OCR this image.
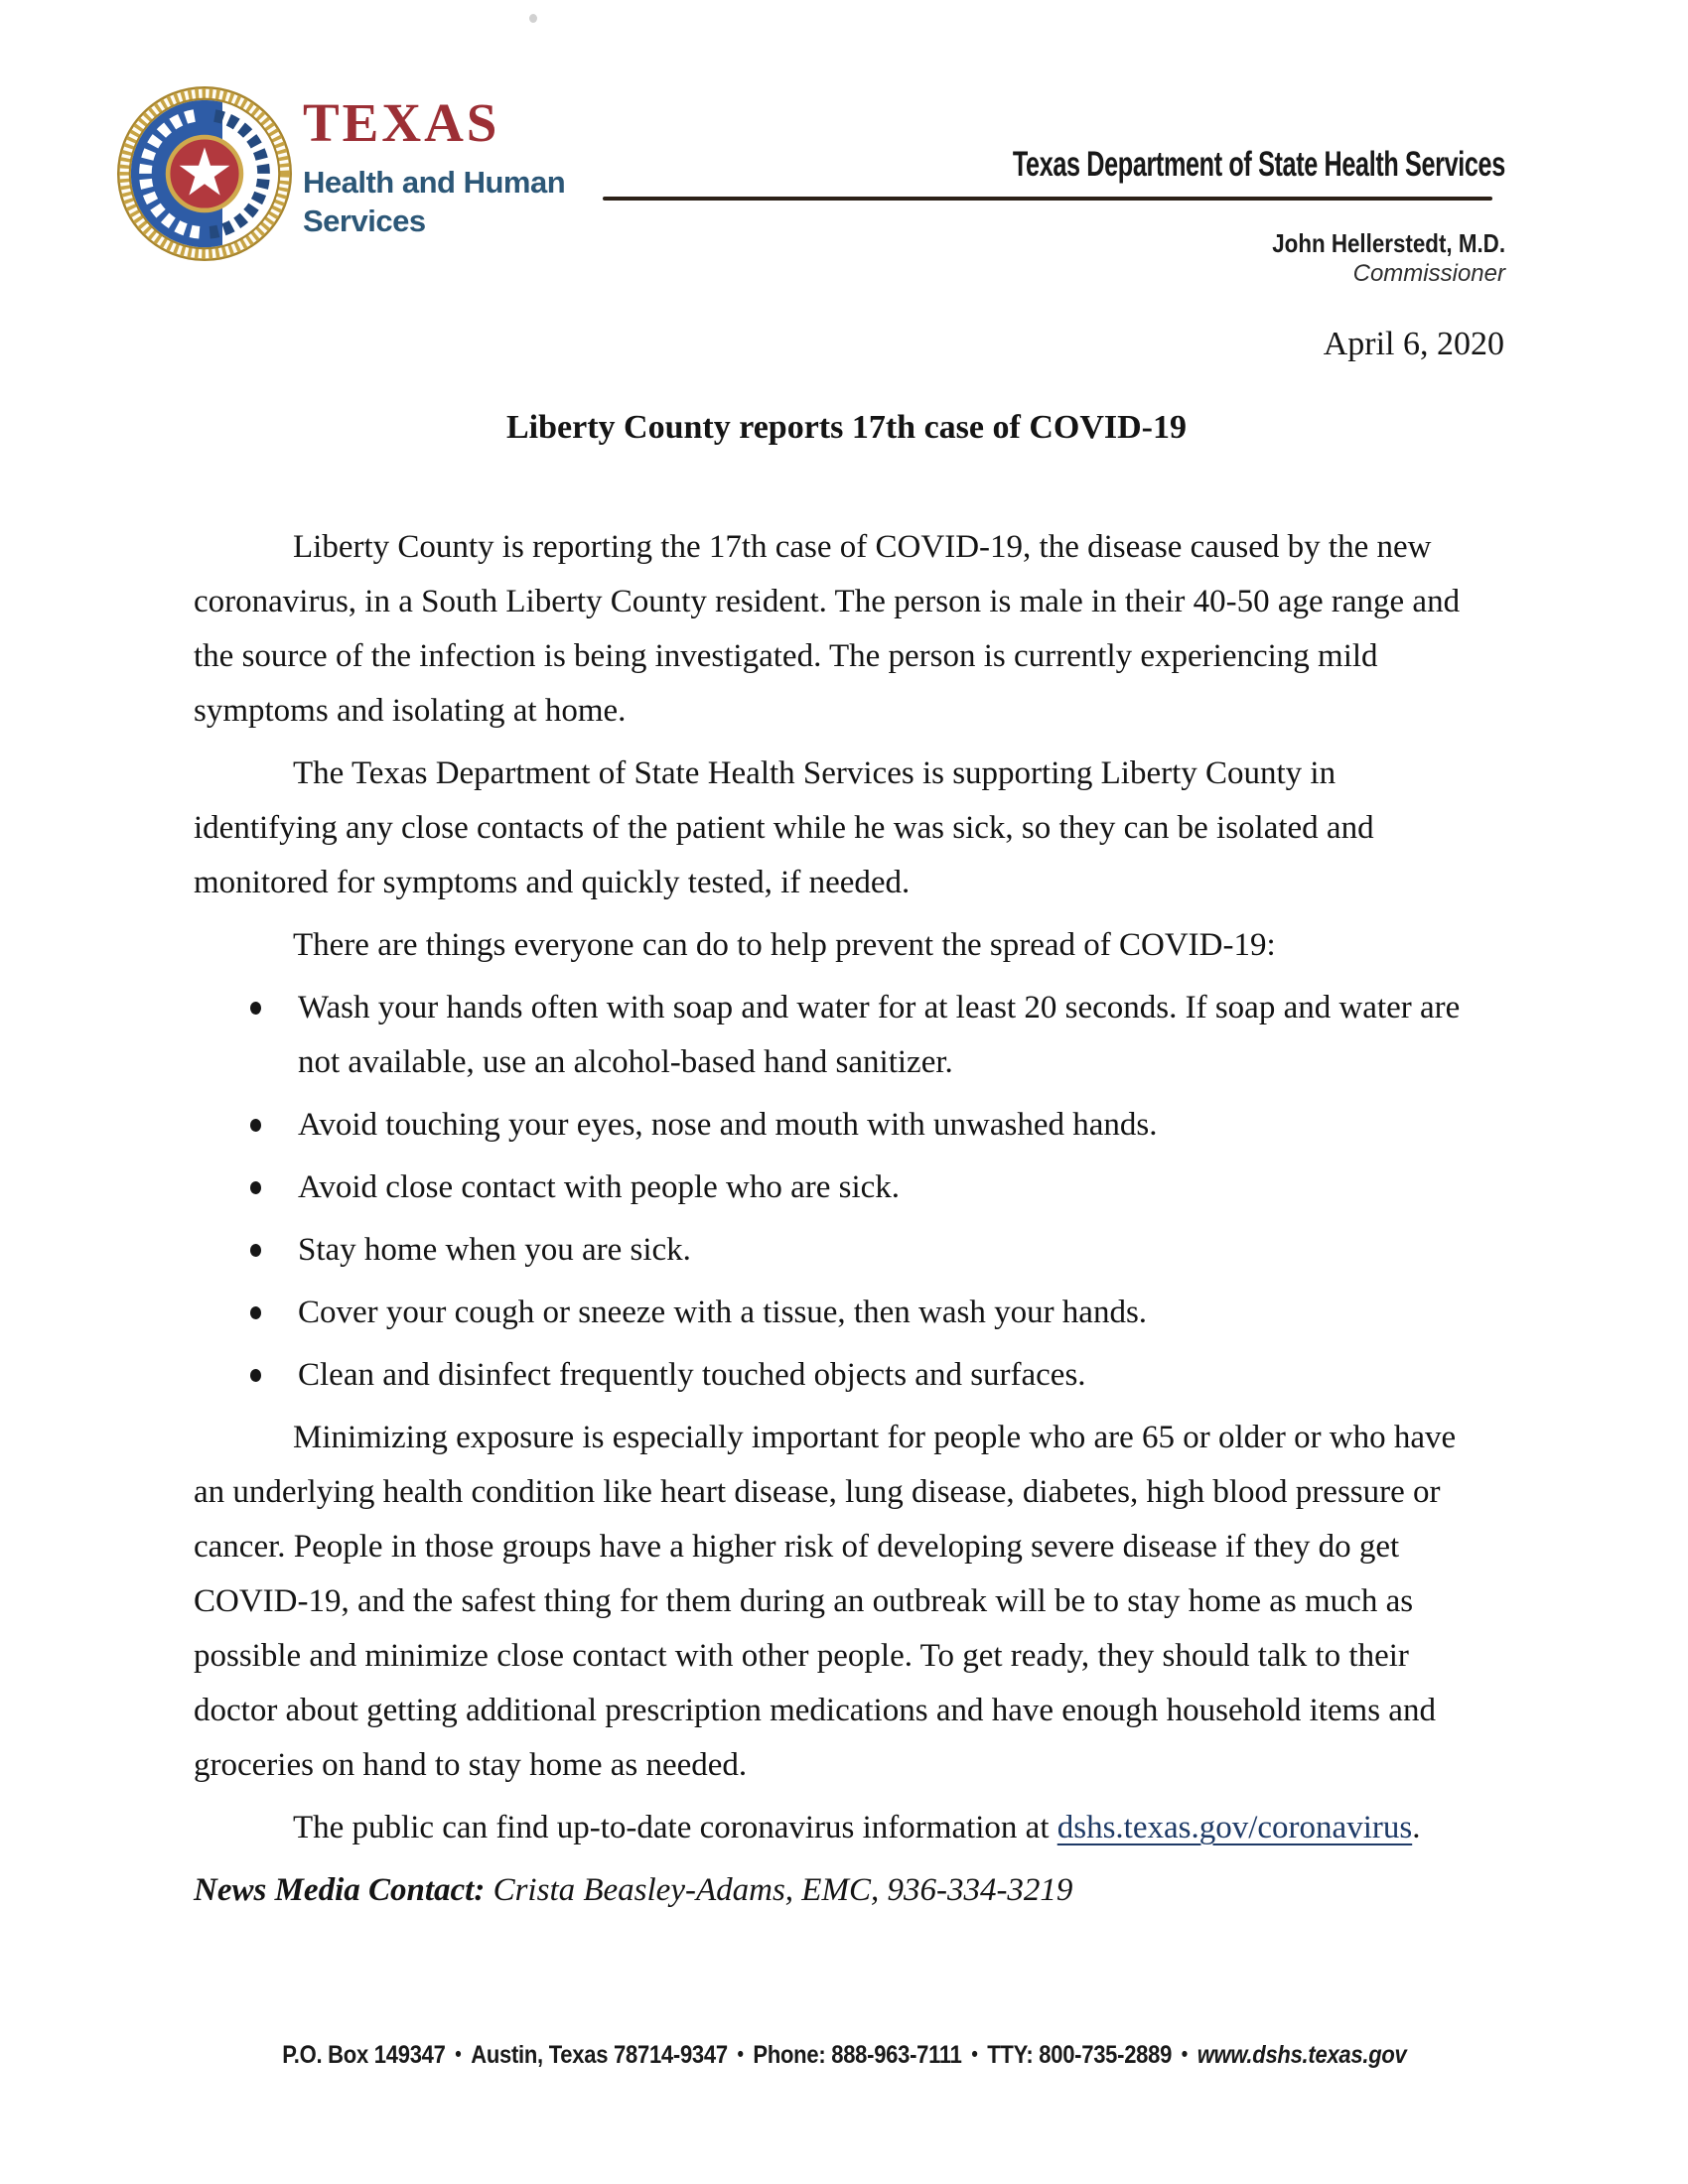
TEXAS
Health and Human
Services
Texas Department of State Health Services
John Hellerstedt, M.D.
Commissioner
April 6, 2020
Liberty County reports 17th case of COVID-19

Liberty County is reporting the 17th case of COVID-19, the disease caused by the new coronavirus, in a South Liberty County resident. The person is male in their 40-50 age range and the source of the infection is being investigated. The person is currently experiencing mild symptoms and isolating at home.

The Texas Department of State Health Services is supporting Liberty County in identifying any close contacts of the patient while he was sick, so they can be isolated and monitored for symptoms and quickly tested, if needed.

There are things everyone can do to help prevent the spread of COVID-19:

Wash your hands often with soap and water for at least 20 seconds. If soap and water are not available, use an alcohol-based hand sanitizer.
Avoid touching your eyes, nose and mouth with unwashed hands.
Avoid close contact with people who are sick.
Stay home when you are sick.
Cover your cough or sneeze with a tissue, then wash your hands.
Clean and disinfect frequently touched objects and surfaces.

Minimizing exposure is especially important for people who are 65 or older or who have an underlying health condition like heart disease, lung disease, diabetes, high blood pressure or cancer. People in those groups have a higher risk of developing severe disease if they do get COVID-19, and the safest thing for them during an outbreak will be to stay home as much as possible and minimize close contact with other people. To get ready, they should talk to their doctor about getting additional prescription medications and have enough household items and groceries on hand to stay home as needed.

The public can find up-to-date coronavirus information at dshs.texas.gov/coronavirus.

News Media Contact: Crista Beasley-Adams, EMC, 936-334-3219

P.O. Box 149347 • Austin, Texas 78714-9347 • Phone: 888-963-7111 • TTY: 800-735-2889 • www.dshs.texas.gov
